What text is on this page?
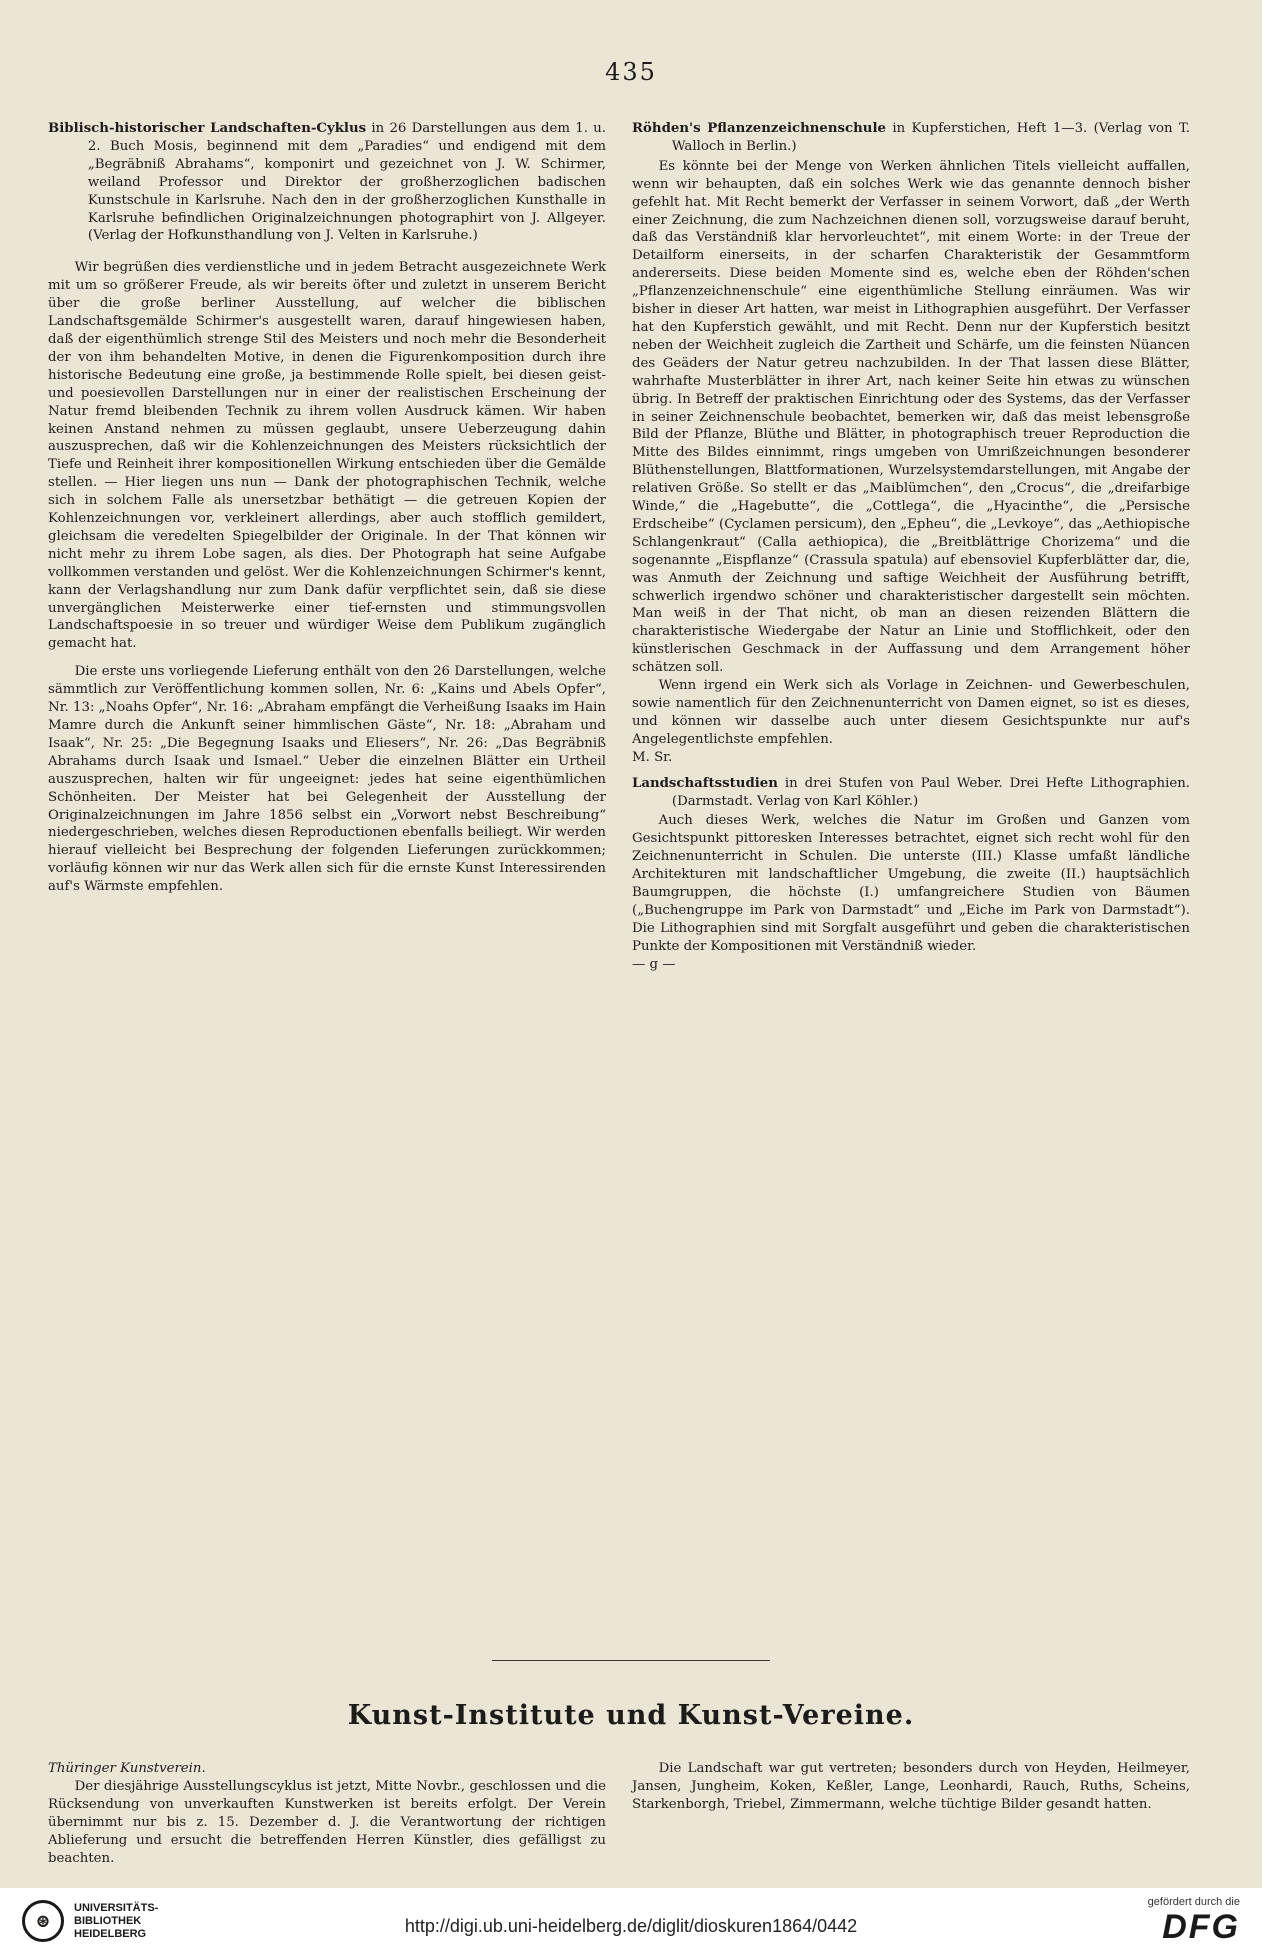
435

Biblisch-historischer Landschaften-Cyklus in 26 Darstellungen aus dem 1. u. 2. Buch Mosis, beginnend mit dem „Paradies“ und endigend mit dem „Begräbniß Abrahams“, komponirt und gezeichnet von J. W. Schirmer, weiland Professor und Direktor der großherzoglichen badischen Kunstschule in Karlsruhe. Nach den in der großherzoglichen Kunsthalle in Karlsruhe befindlichen Originalzeichnungen photographirt von J. Allgeyer. (Verlag der Hofkunsthandlung von J. Velten in Karlsruhe.)

Wir begrüßen dies verdienstliche und in jedem Betracht ausgezeichnete Werk mit um so größerer Freude, als wir bereits öfter und zuletzt in unserem Bericht über die große berliner Ausstellung, auf welcher die biblischen Landschaftsgemälde Schirmer's ausgestellt waren, darauf hingewiesen haben, daß der eigenthümlich strenge Stil des Meisters und noch mehr die Besonderheit der von ihm behandelten Motive, in denen die Figurenkomposition durch ihre historische Bedeutung eine große, ja bestimmende Rolle spielt, bei diesen geist- und poesievollen Darstellungen nur in einer der realistischen Erscheinung der Natur fremd bleibenden Technik zu ihrem vollen Ausdruck kämen. Wir haben keinen Anstand nehmen zu müssen geglaubt, unsere Ueberzeugung dahin auszusprechen, daß wir die Kohlenzeichnungen des Meisters rücksichtlich der Tiefe und Reinheit ihrer kompositionellen Wirkung entschieden über die Gemälde stellen. — Hier liegen uns nun — Dank der photographischen Technik, welche sich in solchem Falle als unersetzbar bethätigt — die getreuen Kopien der Kohlenzeichnungen vor, verkleinert allerdings, aber auch stofflich gemildert, gleichsam die veredelten Spiegelbilder der Originale. In der That können wir nicht mehr zu ihrem Lobe sagen, als dies. Der Photograph hat seine Aufgabe vollkommen verstanden und gelöst. Wer die Kohlenzeichnungen Schirmer's kennt, kann der Verlagshandlung nur zum Dank dafür verpflichtet sein, daß sie diese unvergänglichen Meisterwerke einer tief-ernsten und stimmungsvollen Landschaftspoesie in so treuer und würdiger Weise dem Publikum zugänglich gemacht hat.

Die erste uns vorliegende Lieferung enthält von den 26 Darstellungen, welche sämmtlich zur Veröffentlichung kommen sollen, Nr. 6: „Kains und Abels Opfer“, Nr. 13: „Noahs Opfer“, Nr. 16: „Abraham empfängt die Verheißung Isaaks im Hain Mamre durch die Ankunft seiner himmlischen Gäste“, Nr. 18: „Abraham und Isaak“, Nr. 25: „Die Begegnung Isaaks und Eliesers“, Nr. 26: „Das Begräbniß Abrahams durch Isaak und Ismael.“ Ueber die einzelnen Blätter ein Urtheil auszusprechen, halten wir für ungeeignet: jedes hat seine eigenthümlichen Schönheiten. Der Meister hat bei Gelegenheit der Ausstellung der Originalzeichnungen im Jahre 1856 selbst ein „Vorwort nebst Beschreibung“ niedergeschrieben, welches diesen Reproductionen ebenfalls beiliegt. Wir werden hierauf vielleicht bei Besprechung der folgenden Lieferungen zurückkommen; vorläufig können wir nur das Werk allen sich für die ernste Kunst Interessirenden auf's Wärmste empfehlen.

Röhden's Pflanzenzeichnenschule in Kupferstichen, Heft 1—3. (Verlag von T. Walloch in Berlin.)

Es könnte bei der Menge von Werken ähnlichen Titels vielleicht auffallen, wenn wir behaupten, daß ein solches Werk wie das genannte dennoch bisher gefehlt hat. Mit Recht bemerkt der Verfasser in seinem Vorwort, daß „der Werth einer Zeichnung, die zum Nachzeichnen dienen soll, vorzugsweise darauf beruht, daß das Verständniß klar hervorleuchtet“, mit einem Worte: in der Treue der Detailform einerseits, in der scharfen Charakteristik der Gesammtform andererseits. Diese beiden Momente sind es, welche eben der Röhden'schen „Pflanzenzeichnenschule“ eine eigenthümliche Stellung einräumen. Was wir bisher in dieser Art hatten, war meist in Lithographien ausgeführt. Der Verfasser hat den Kupferstich gewählt, und mit Recht. Denn nur der Kupferstich besitzt neben der Weichheit zugleich die Zartheit und Schärfe, um die feinsten Nüancen des Geäders der Natur getreu nachzubilden. In der That lassen diese Blätter, wahrhafte Musterblätter in ihrer Art, nach keiner Seite hin etwas zu wünschen übrig. In Betreff der praktischen Einrichtung oder des Systems, das der Verfasser in seiner Zeichnenschule beobachtet, bemerken wir, daß das meist lebensgroße Bild der Pflanze, Blüthe und Blätter, in photographisch treuer Reproduction die Mitte des Bildes einnimmt, rings umgeben von Umrißzeichnungen besonderer Blüthenstellungen, Blattformationen, Wurzelsystemdarstellungen, mit Angabe der relativen Größe. So stellt er das „Maiblümchen“, den „Crocus“, die „dreifarbige Winde,“ die „Hagebutte“, die „Cottlega“, die „Hyacinthe“, die „Persische Erdscheibe“ (Cyclamen persicum), den „Epheu“, die „Levkoye“, das „Aethiopische Schlangenkraut“ (Calla aethiopica), die „Breitblättrige Chorizema“ und die sogenannte „Eispflanze“ (Crassula spatula) auf ebensoviel Kupferblätter dar, die, was Anmuth der Zeichnung und saftige Weichheit der Ausführung betrifft, schwerlich irgendwo schöner und charakteristischer dargestellt sein möchten. Man weiß in der That nicht, ob man an diesen reizenden Blättern die charakteristische Wiedergabe der Natur an Linie und Stofflichkeit, oder den künstlerischen Geschmack in der Auffassung und dem Arrangement höher schätzen soll.

Wenn irgend ein Werk sich als Vorlage in Zeichnen- und Gewerbeschulen, sowie namentlich für den Zeichnenunterricht von Damen eignet, so ist es dieses, und können wir dasselbe auch unter diesem Gesichtspunkte nur auf's Angelegentlichste empfehlen.

M. Sr.

Landschaftsstudien in drei Stufen von Paul Weber. Drei Hefte Lithographien. (Darmstadt. Verlag von Karl Köhler.)

Auch dieses Werk, welches die Natur im Großen und Ganzen vom Gesichtspunkt pittoresken Interesses betrachtet, eignet sich recht wohl für den Zeichnenunterricht in Schulen. Die unterste (III.) Klasse umfaßt ländliche Architekturen mit landschaftlicher Umgebung, die zweite (II.) hauptsächlich Baumgruppen, die höchste (I.) umfangreichere Studien von Bäumen („Buchengruppe im Park von Darmstadt“ und „Eiche im Park von Darmstadt“). Die Lithographien sind mit Sorgfalt ausgeführt und geben die charakteristischen Punkte der Kompositionen mit Verständniß wieder.

— g —

Kunst-Institute und Kunst-Vereine.

Thüringer Kunstverein.

Der diesjährige Ausstellungscyklus ist jetzt, Mitte Novbr., geschlossen und die Rücksendung von unverkauften Kunstwerken ist bereits erfolgt. Der Verein übernimmt nur bis z. 15. Dezember d. J. die Verantwortung der richtigen Ablieferung und ersucht die betreffenden Herren Künstler, dies gefälligst zu beachten.

Die Landschaft war gut vertreten; besonders durch von Heyden, Heilmeyer, Jansen, Jungheim, Koken, Keßler, Lange, Leonhardi, Rauch, Ruths, Scheins, Starkenborgh, Triebel, Zimmermann, welche tüchtige Bilder gesandt hatten.

⊛
UNIVERSITÄTS- BIBLIOTHEK HEIDELBERG	http://digi.ub.uni-heidelberg.de/diglit/dioskuren1864/0442
gefördert durch die
DFG
